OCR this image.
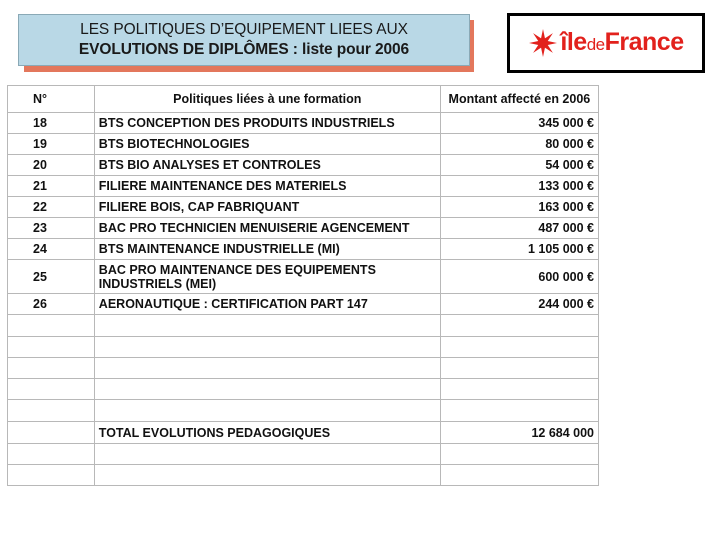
LES POLITIQUES D’EQUIPEMENT LIEES AUX
EVOLUTIONS DE DIPLÔMES : liste pour 2006	îledeFrance
N°	Politiques liées à une formation	Montant affecté en 2006
18	BTS CONCEPTION DES PRODUITS INDUSTRIELS	345 000 €
19	BTS BIOTECHNOLOGIES	80 000 €
20	BTS BIO ANALYSES ET CONTROLES	54 000 €
21	FILIERE MAINTENANCE DES MATERIELS	133 000 €
22	FILIERE BOIS, CAP FABRIQUANT	163 000 €
23	BAC PRO TECHNICIEN MENUISERIE AGENCEMENT	487 000 €
24	BTS MAINTENANCE INDUSTRIELLE (MI)	1 105 000 €
25	BAC PRO MAINTENANCE DES EQUIPEMENTS INDUSTRIELS (MEI)	600 000 €
26	AERONAUTIQUE : CERTIFICATION PART 147	244 000 €

	TOTAL EVOLUTIONS PEDAGOGIQUES	12 684 000
